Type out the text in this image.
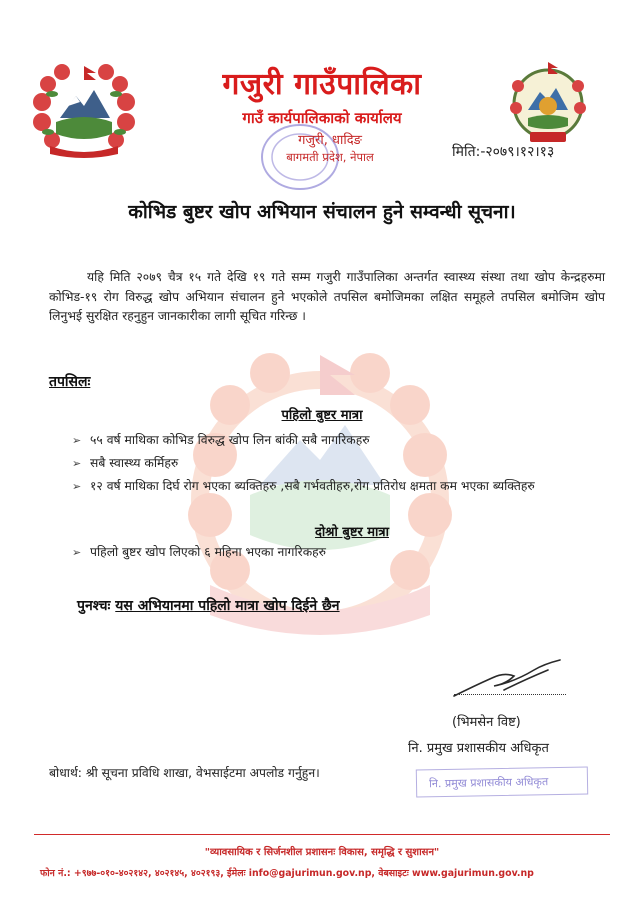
गजुरी गाउँपालिका
गाउँ कार्यपालिकाको कार्यालय
गजुरी, धादिङ
बागमती प्रदेश, नेपाल	मिति:-२०७९।१२।१३
कोभिड बुष्टर खोप अभियान संचालन हुने सम्वन्धी सूचना।

यहि मिति २०७९ चैत्र १५ गते देखि १९ गते सम्म गजुरी गाउँपालिका अन्तर्गत स्वास्थ्य संस्था तथा खोप केन्द्रहरुमा कोभिड-१९ रोग विरुद्ध खोप अभियान संचालन हुने भएकोले तपसिल बमोजिमका लक्षित समूहले तपसिल बमोजिम खोप लिनुभई सुरक्षित रहनुहुन जानकारीका लागी सूचित गरिन्छ ।

तपसिलः
पहिलो बुष्टर मात्रा
➢ ५५ वर्ष माथिका कोभिड विरुद्ध खोप लिन बांकी सबै नागरिकहरु
➢ सबै स्वास्थ्य कर्मिहरु
➢ १२ वर्ष माथिका दिर्घ रोग भएका ब्यक्तिहरु ,सबै गर्भवतीहरु,रोग प्रतिरोध क्षमता कम भएका ब्यक्तिहरु
दोश्रो बुष्टर मात्रा
➢ पहिलो बुष्टर खोप लिएको ६ महिना भएका नागरिकहरु
पुनश्चः यस अभियानमा पहिलो मात्रा खोप दिईने छैन
(भिमसेन विष्ट)
नि. प्रमुख प्रशासकीय अधिकृत
नि. प्रमुख प्रशासकीय अधिकृत
बोधार्थ: श्री सूचना प्रविधि शाखा, वेभसाईटमा अपलोड गर्नुहुन।
"व्यावसायिक र सिर्जनशील प्रशासनः विकास, समृद्धि र सुशासन"
फोन नं.: +९७७-०१०-४०२१४२, ४०२१४५, ४०२१९३, ईमेलः info@gajurimun.gov.np, वेबसाइटः www.gajurimun.gov.np
